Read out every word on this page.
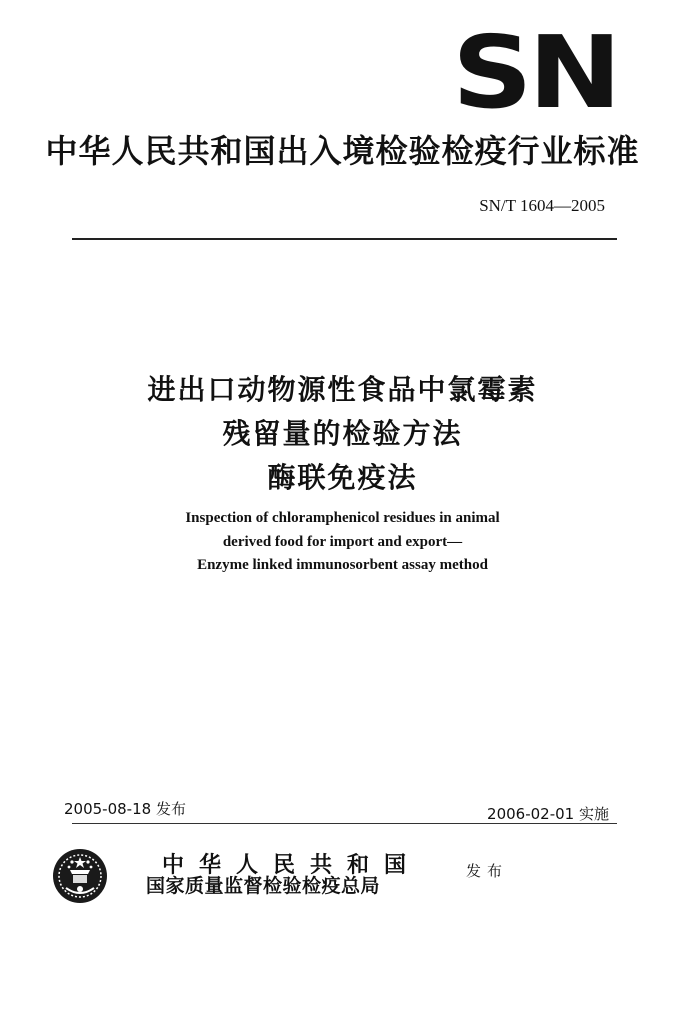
SN
中华人民共和国出入境检验检疫行业标准
SN/T 1604—2005
进出口动物源性食品中氯霉素
残留量的检验方法
酶联免疫法
Inspection of chloramphenicol residues in animal
derived food for import and export—
Enzyme linked immunosorbent assay method
2005-08-18 发布	2006-02-01 实施
中华人民共和国
国家质量监督检验检疫总局
发布
